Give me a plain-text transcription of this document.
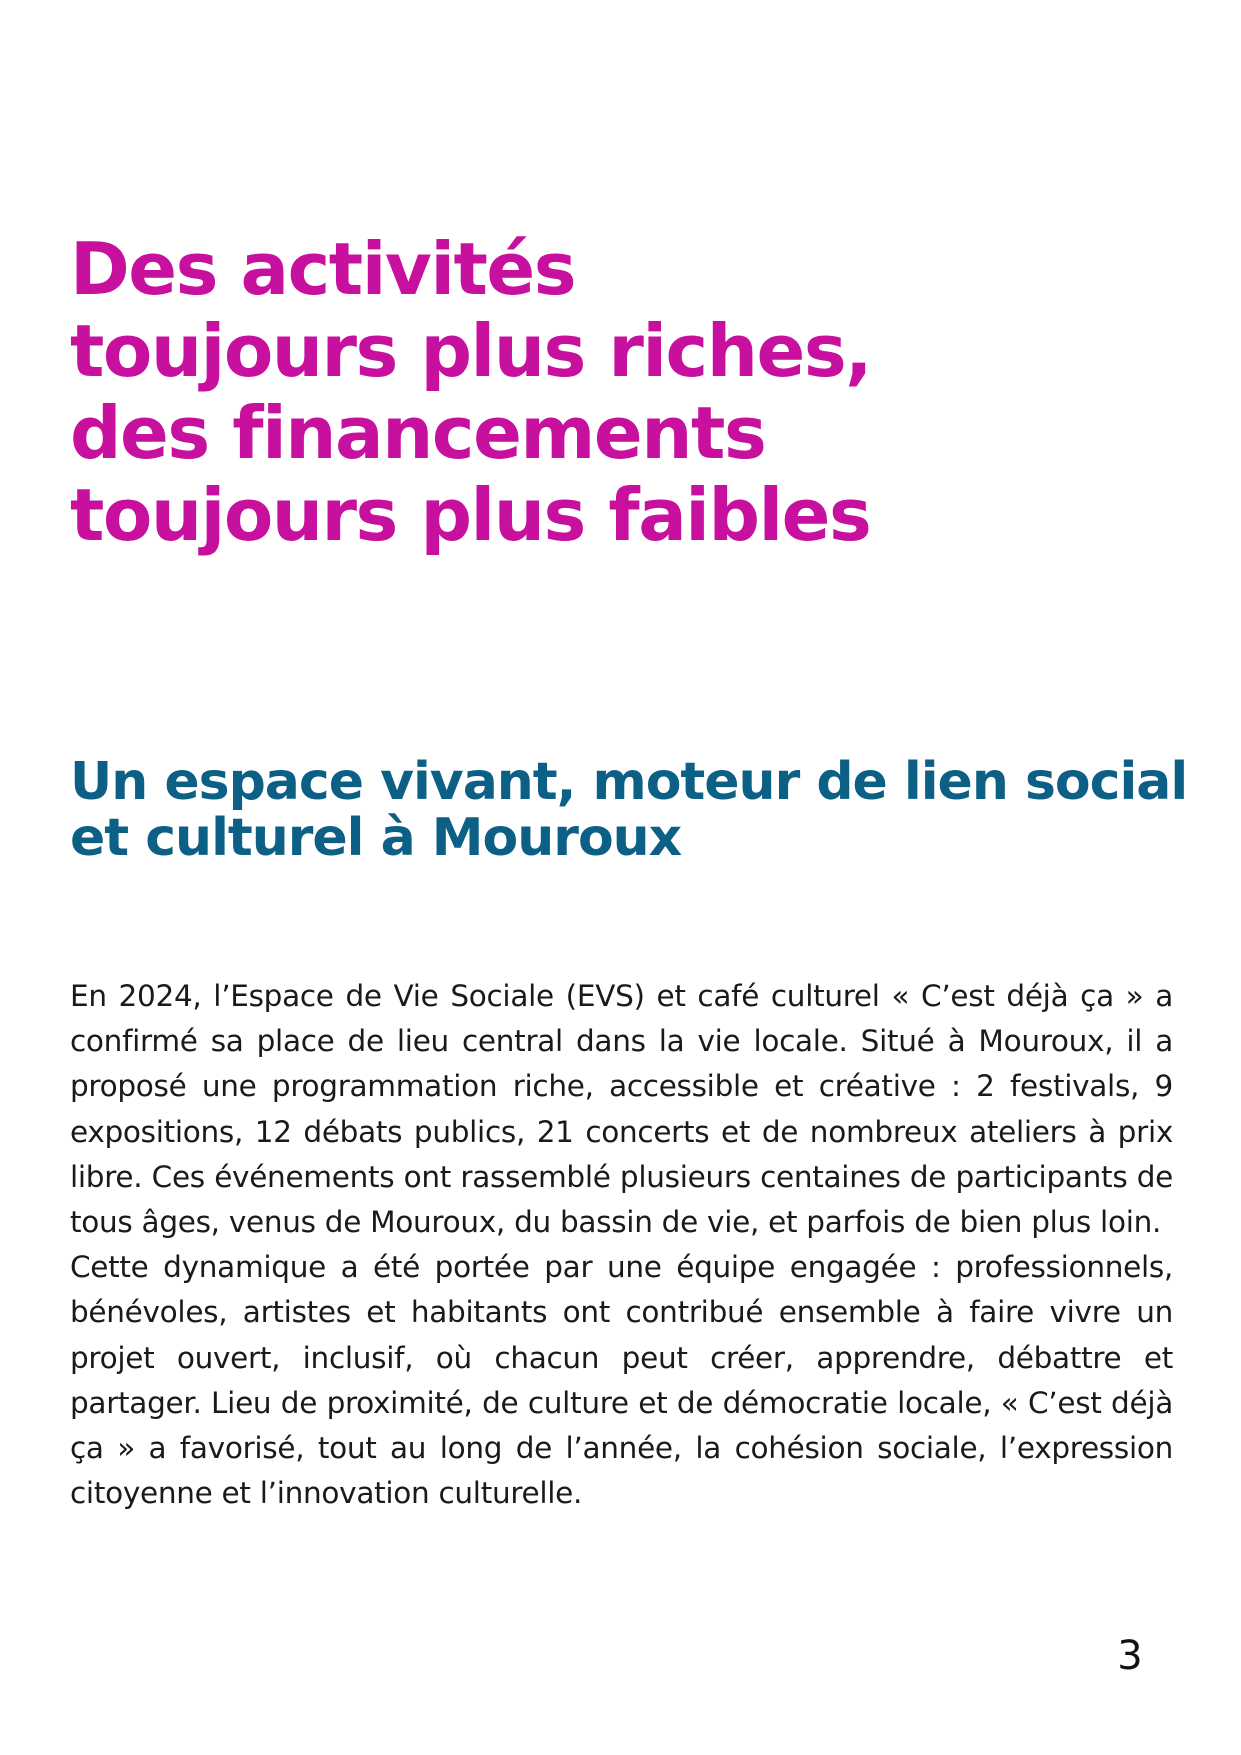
Des activités
toujours plus riches,
des financements
toujours plus faibles
Un espace vivant, moteur de lien social
et culturel à Mouroux

En 2024, l’Espace de Vie Sociale (EVS) et café culturel « C’est déjà ça » a confirmé sa place de lieu central dans la vie locale. Situé à Mouroux, il a proposé une programmation riche, accessible et créative : 2 festivals, 9 expositions, 12 débats publics, 21 concerts et de nombreux ateliers à prix libre. Ces événements ont rassemblé plusieurs centaines de participants de tous âges, venus de Mouroux, du bassin de vie, et parfois de bien plus loin.

Cette dynamique a été portée par une équipe engagée : professionnels, bénévoles, artistes et habitants ont contribué ensemble à faire vivre un projet ouvert, inclusif, où chacun peut créer, apprendre, débattre et partager. Lieu de proximité, de culture et de démocratie locale, « C’est déjà ça » a favorisé, tout au long de l’année, la cohésion sociale, l’expression citoyenne et l’innovation culturelle.

3
